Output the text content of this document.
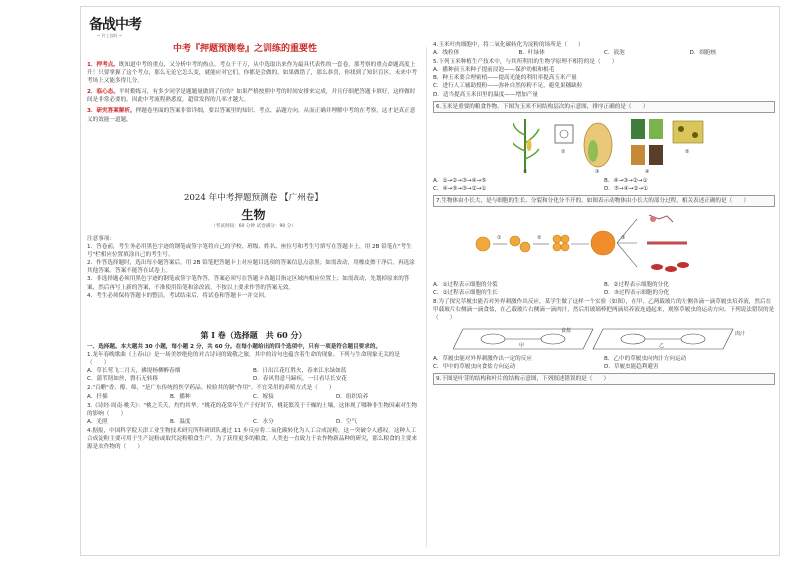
备战中考
~ 好上加好 ~
中考『押题预测卷』之训练的重要性
1．押考点。既知道中考的重点，又分析中考的热点。考点千千万，从中选取出来作为最具代表性的一套卷，那考察的重点命题高度上升！只要掌握了这个考点，那么无论它怎么变，就能应对它们。你都是会做的。如果做错了，那么恭喜，你找到了知识盲区，未来中考考场上又能多得几分。
2．临心态。平时勤练习，有多少同学是题题量做到了位的？如果严格按照中考的时间安排来完成，并且仔细把答题卡填好，这样做时间是非常必要的，因此中考流程熟悉度。超常发挥的几率才越大。
3．研究答案解析。押题卷里面的答案非常详细，要以答案里的知识、考点、品题方向，从而正确并理解中考的在考察，这才是真正意义的效能一道题。
2024 年中考押题预测卷 【广州卷】
生物
（考试时间：60 分钟 试卷满分：90 分）
注意事项：
1．答卷前，考生务必用黑色字迹的钢笔或签字笔将自己的学校、班级、姓名、座位号和考生号填写在答题卡上，用 2B 铅笔在"考生号"栏相应位置填涂自己的考生号。
2．作答选择题时，选出每小题答案后，用 2B 铅笔把答题卡上对应题目选项的答案信息点涂黑；如需改动，用橡皮擦干净后，再选涂其他答案。答案不能答在试卷上。
3．非选择题必须用黑色字迹的钢笔或签字笔作答，答案必须写在答题卡各题目指定区域内相应位置上；如需改动，先划掉原来的答案，然后再写上新的答案，不准使用铅笔和涂改液。不按以上要求作答的答案无效。
4．考生必须保持答题卡的整洁。考试结束后，将试卷和答题卡一并交回。
第 I 卷（选择题　共 60 分）
一、选择题。本大题共 30 小题，每小题 2 分，共 60 分。在每小题给出的四个选项中，只有一项是符合题目要求的。
1.龙年春晚歌曲《上春山》是一场美妙绝伦的对古诗词的致敬之旅，其中的诗句也蕴含着生命的现象。下列与生命现象无关的是（　　）
A．草长莺飞二月天，拂堤杨柳醉春烟	B．日出江花红胜火，春来江水绿如蓝
C．蒲苇韧如丝，磐石无转移	D．春风得意马蹄疾，一日看尽长安花
2."百醋"香、醇、绵，"是广东传统的医学药品。检验其的制"作用"。不宜采用的养殖方式是（　　）
A．扦插	B．播种	C．嫁接	D．组织培养
3.《诗经·周南·桃夭》："桃之夭夭，灼灼其华。"桃花的花常年生产于好时节，桃花繁茂于干燥的土壤，这体现了哪种非生物因素对生物的影响（　　）
A．光照	B．温度	C．水分	D．空气
4.据报，中国科学院天津工业生物技术研究所科研团队通过 11 步反应将二氧化碳转化为人工合成淀粉，这一突破令人感叹。这种人工合成淀粉主要可用于生产淀粉或取代淀粉粮食生产，为了获得更多的粮食，人类也一直致力于农作物新品种的研究，那么粮食的主要来源是农作物的（　　）
4.玉米叶肉细胞中，将二氧化碳转化为淀粉的场所是（　　）
A．线粒体	B．叶绿体	C．液泡	D．细胞核
5.下列玉米种植生产技术中，与其所利用的生物学原理不相符的是（　　）
A．播种前玉米种子提前浸泡——保护幼根和根毛
B．种玉米要合理密植——提高光能的利用率提高玉米产量
C．进行人工辅助授粉——弥补自然传粉不足，避免果穗缺粒
D．适当提高玉米田里的温度——增加产量
6.玉米是重要的粮食作物。下图为玉米不同结构层次的示意图，排序正确的是（　　）
①
②
③	④
⑤
A．①→②→③→④→⑤	B．④→③→②→①
C．④→⑤→③→②→①	D．⑤→④→②→①
7.生物体由小长大，是与细胞的生长、分裂和分化分不开的。如图表示动物体由小长大的部分过程，相关表述正确的是（　　）
①	②	③
A．①过程表示细胞的分裂	B．②过程表示细胞的分化
C．①过程表示细胞的生长	D．③过程表示细胞的分化
8.为了探究草履虫能否对外界刺激作出反应，某学生做了这样一个实验（如图），在甲、乙两载玻片的左侧各滴一滴草履虫培养液，然后在甲载玻片右侧滴一滴食盐，在乙载玻片右侧滴一滴肉汁，然后用玻璃棒把两滴培养液连通起来，观察草履虫的运动方向。下列说法错误的是（　　）
食盐	肉汁
甲	乙
A．草履虫能对外界刺激作出一定的反应	B．乙中的草履虫向肉汁方向运动
C．甲中的草履虫向食盐方向运动	D．草履虫能趋利避害
9.下图是叶芽的结构和叶片的结构示意图，下列叙述错误的是（　　）
